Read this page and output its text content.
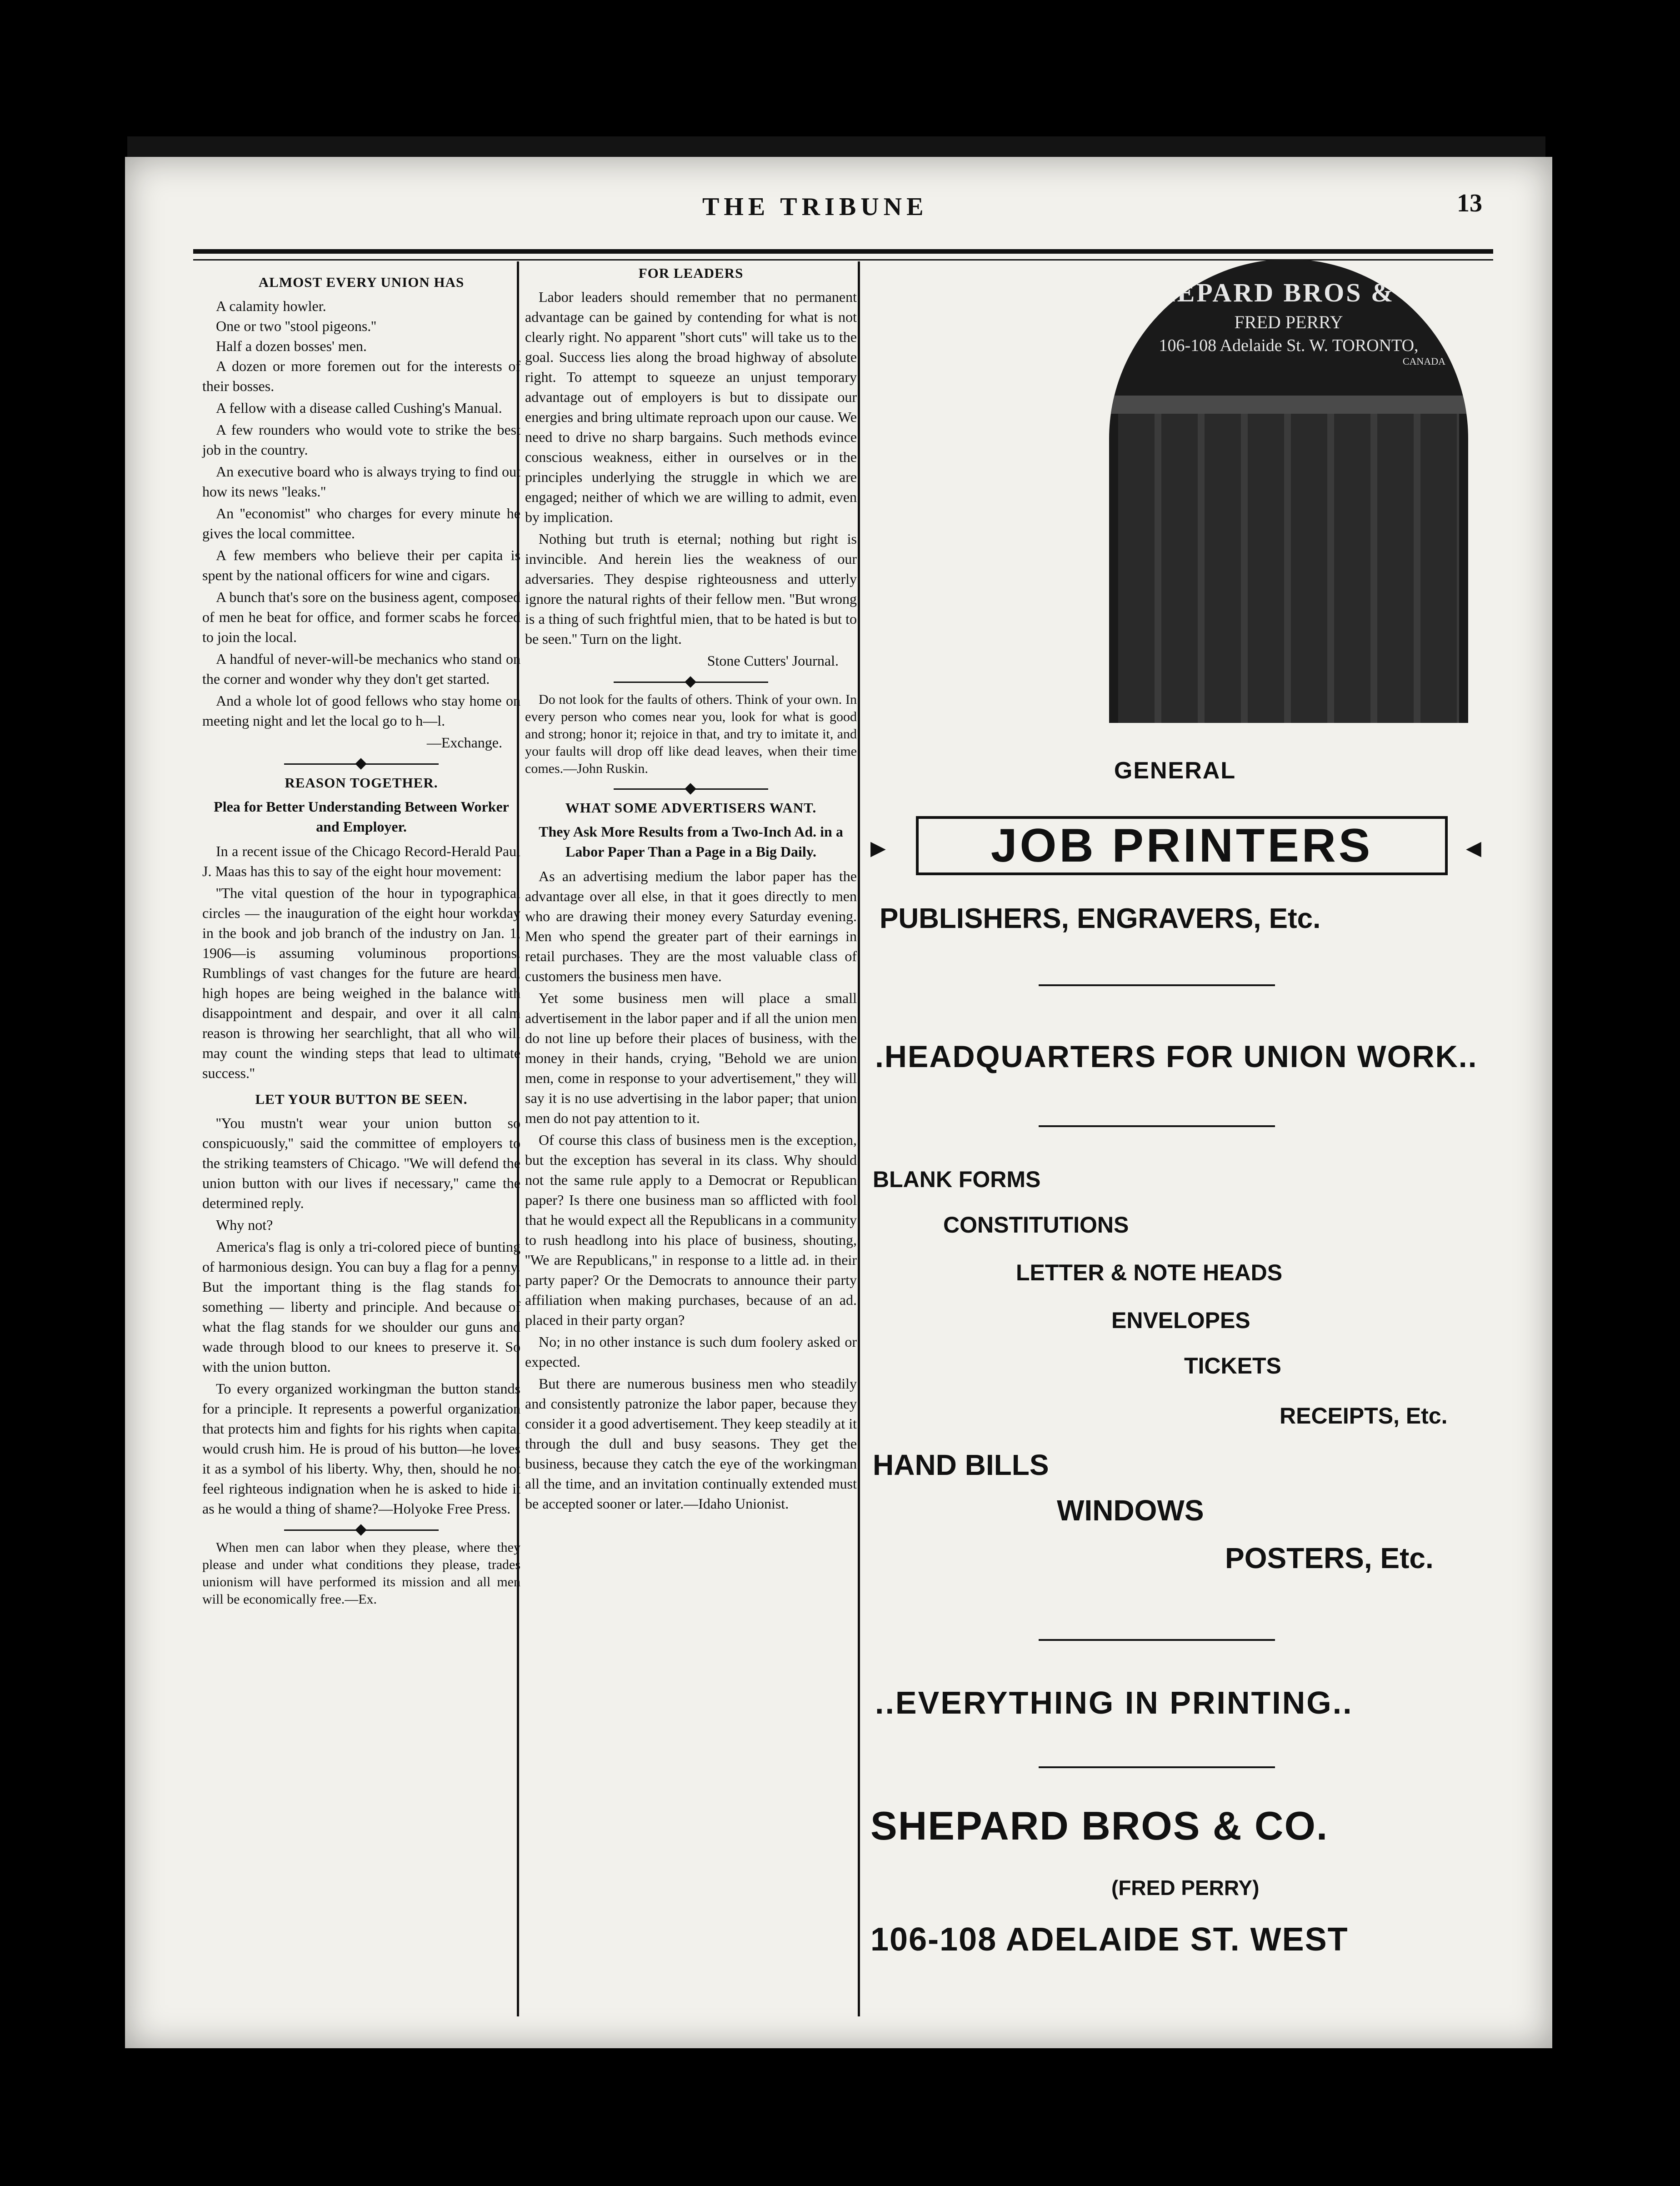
THE TRIBUNE	13
ALMOST EVERY UNION HAS

A calamity howler.

One or two ''stool pigeons.''

Half a dozen bosses' men.

A dozen or more foremen out for the interests of their bosses.

A fellow with a disease called Cushing's Manual.

A few rounders who would vote to strike the best job in the country.

An executive board who is always trying to find out how its news ''leaks.''

An ''economist'' who charges for every minute he gives the local committee.

A few members who believe their per capita is spent by the national officers for wine and cigars.

A bunch that's sore on the business agent, composed of men he beat for office, and former scabs he forced to join the local.

A handful of never-will-be mechanics who stand on the corner and wonder why they don't get started.

And a whole lot of good fellows who stay home on meeting night and let the local go to h—l.

—Exchange.
REASON TOGETHER.
Plea for Better Understanding Between Worker and Employer.

In a recent issue of the Chicago Record-Herald Paul J. Maas has this to say of the eight hour movement:

''The vital question of the hour in typographical circles — the inauguration of the eight hour workday in the book and job branch of the industry on Jan. 1, 1906—is assuming voluminous proportions. Rumblings of vast changes for the future are heard, high hopes are being weighed in the balance with disappointment and despair, and over it all calm reason is throwing her searchlight, that all who will may count the winding steps that lead to ultimate success.''

LET YOUR BUTTON BE SEEN.

''You mustn't wear your union button so conspicuously,'' said the committee of employers to the striking teamsters of Chicago. ''We will defend the union button with our lives if necessary,'' came the determined reply.

Why not?

America's flag is only a tri-colored piece of bunting of harmonious design. You can buy a flag for a penny. But the important thing is the flag stands for something — liberty and principle. And because of what the flag stands for we shoulder our guns and wade through blood to our knees to preserve it. So with the union button.

To every organized workingman the button stands for a principle. It represents a powerful organization that protects him and fights for his rights when capital would crush him. He is proud of his button—he loves it as a symbol of his liberty. Why, then, should he not feel righteous indignation when he is asked to hide it as he would a thing of shame?—Holyoke Free Press.

When men can labor when they please, where they please and under what conditions they please, trades unionism will have performed its mission and all men will be economically free.—Ex.

FOR LEADERS

Labor leaders should remember that no permanent advantage can be gained by contending for what is not clearly right. No apparent ''short cuts'' will take us to the goal. Success lies along the broad highway of absolute right. To attempt to squeeze an unjust temporary advantage out of employers is but to dissipate our energies and bring ultimate reproach upon our cause. We need to drive no sharp bargains. Such methods evince conscious weakness, either in ourselves or in the principles underlying the struggle in which we are engaged; neither of which we are willing to admit, even by implication.

Nothing but truth is eternal; nothing but right is invincible. And herein lies the weakness of our adversaries. They despise righteousness and utterly ignore the natural rights of their fellow men. ''But wrong is a thing of such frightful mien, that to be hated is but to be seen.'' Turn on the light.

Stone Cutters' Journal.

Do not look for the faults of others. Think of your own. In every person who comes near you, look for what is good and strong; honor it; rejoice in that, and try to imitate it, and your faults will drop off like dead leaves, when their time comes.—John Ruskin.

WHAT SOME ADVERTISERS WANT.
They Ask More Results from a Two-Inch Ad. in a Labor Paper Than a Page in a Big Daily.

As an advertising medium the labor paper has the advantage over all else, in that it goes directly to men who are drawing their money every Saturday evening. Men who spend the greater part of their earnings in retail purchases. They are the most valuable class of customers the business men have.

Yet some business men will place a small advertisement in the labor paper and if all the union men do not line up before their places of business, with the money in their hands, crying, ''Behold we are union men, come in response to your advertisement,'' they will say it is no use advertising in the labor paper; that union men do not pay attention to it.

Of course this class of business men is the exception, but the exception has several in its class. Why should not the same rule apply to a Democrat or Republican paper? Is there one business man so afflicted with fool that he would expect all the Republicans in a community to rush headlong into his place of business, shouting, ''We are Republicans,'' in response to a little ad. in their party paper? Or the Democrats to announce their party affiliation when making purchases, because of an ad. placed in their party organ?

No; in no other instance is such dum foolery asked or expected.

But there are numerous business men who steadily and consistently patronize the labor paper, because they consider it a good advertisement. They keep steadily at it through the dull and busy seasons. They get the business, because they catch the eye of the workingman all the time, and an invitation continually extended must be accepted sooner or later.—Idaho Unionist.

SHEPARD BROS & Co
FRED PERRY
106-108 Adelaide St. W. TORONTO,
CANADA
GENERAL
▶ JOB PRINTERS	◀
PUBLISHERS, ENGRAVERS, Etc.
.HEADQUARTERS FOR UNION WORK..
BLANK FORMS
CONSTITUTIONS
LETTER & NOTE HEADS
ENVELOPES
TICKETS
RECEIPTS, Etc.
HAND BILLS
WINDOWS
POSTERS, Etc.
..EVERYTHING IN PRINTING..
SHEPARD BROS & CO.
(FRED PERRY)
106-108 ADELAIDE ST. WEST
